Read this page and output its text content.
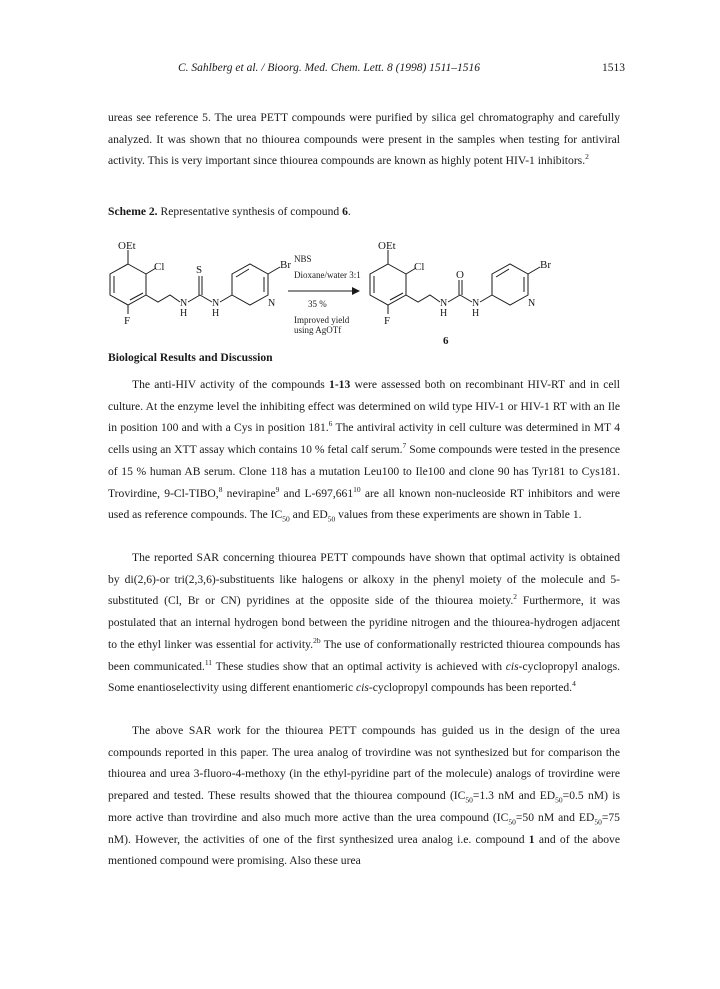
C. Sahlberg et al. / Bioorg. Med. Chem. Lett. 8 (1998) 1511–1516	1513

ureas see reference 5. The urea PETT compounds were purified by silica gel chromatography and carefully analyzed. It was shown that no thiourea compounds were present in the samples when testing for antiviral activity. This is very important since thiourea compounds are known as highly potent HIV-1 inhibitors.$^2$

Scheme 2. Representative synthesis of compound 6.
OEt
Cl
F
S
N
H
N
H
N
Br NBS
Dioxane/water 3:1
35 %
Improved yield
using AgOTf
OEt
Cl
F
O
N
H
N
H
N
Br
6
Biological Results and Discussion

The anti-HIV activity of the compounds 1-13 were assessed both on recombinant HIV-RT and in cell culture. At the enzyme level the inhibiting effect was determined on wild type HIV-1 or HIV-1 RT with an Ile in position 100 and with a Cys in position 181.$^6$ The antiviral activity in cell culture was determined in MT 4 cells using an XTT assay which contains 10 % fetal calf serum.$^7$ Some compounds were tested in the presence of 15 % human AB serum. Clone 118 has a mutation Leu100 to Ile100 and clone 90 has Tyr181 to Cys181. Trovirdine, 9-Cl-TIBO,$^8$ nevirapine$^9$ and L-697,661$^{10}$ are all known non-nucleoside RT inhibitors and were used as reference compounds. The $IC_{50}$ and $ED_{50}$ values from these experiments are shown in Table 1.

The reported SAR concerning thiourea PETT compounds have shown that optimal activity is obtained by di(2,6)-or tri(2,3,6)-substituents like halogens or alkoxy in the phenyl moiety of the molecule and 5-substituted (Cl, Br or CN) pyridines at the opposite side of the thiourea moiety.$^2$ Furthermore, it was postulated that an internal hydrogen bond between the pyridine nitrogen and the thiourea-hydrogen adjacent to the ethyl linker was essential for activity.$^{2b}$ The use of conformationally restricted thiourea compounds has been communicated.$^{11}$ These studies show that an optimal activity is achieved with cis-cyclopropyl analogs. Some enantioselectivity using different enantiomeric cis-cyclopropyl compounds has been reported.$^4$

The above SAR work for the thiourea PETT compounds has guided us in the design of the urea compounds reported in this paper. The urea analog of trovirdine was not synthesized but for comparison the thiourea and urea 3-fluoro-4-methoxy (in the ethyl-pyridine part of the molecule) analogs of trovirdine were prepared and tested. These results showed that the thiourea compound ($IC_{50}=1.3$ nM and $ED_{50}=0.5$ nM) is more active than trovirdine and also much more active than the urea compound ($IC_{50}=50$ nM and $ED_{50}=75$ nM). However, the activities of one of the first synthesized urea analog i.e. compound 1 and of the above mentioned compound were promising. Also these urea
